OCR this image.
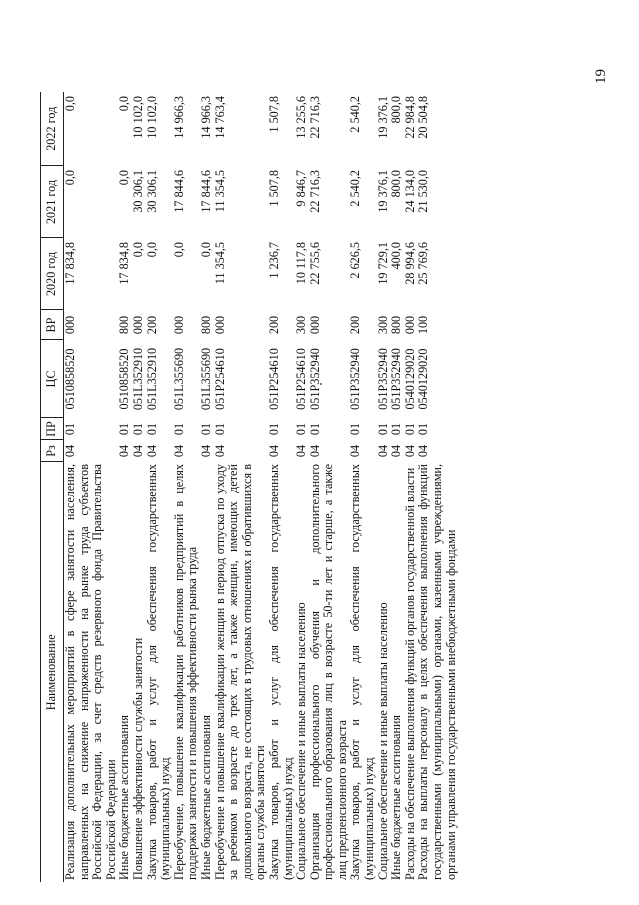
19
Наименование	Рз	ПР	ЦС	ВР	2020 год	2021 год	2022 год
Реализация дополнительных мероприятий в сфере занятости населения, направленных на снижение напряженности на рынке труда субъектов Российской Федерации, за счет средств резервного фонда Правительства Российской Федерации	04	01	0510858520	000	17 834,8	0,0	0,0
Иные бюджетные ассигнования	04	01	0510858520	800	17 834,8	0,0	0,0
Повышение эффективности службы занятости	04	01	051L352910	000	0,0	30 306,1	10 102,0
Закупка товаров, работ и услуг для обеспечения государственных (муниципальных) нужд	04	01	051L352910	200	0,0	30 306,1	10 102,0
Переобучение, повышение квалификации работников предприятий в целях поддержки занятости и повышения эффективности рынка труда	04	01	051L355690	000	0,0	17 844,6	14 966,3
Иные бюджетные ассигнования	04	01	051L355690	800	0,0	17 844,6	14 966,3
Переобучение и повышение квалификации женщин в период отпуска по уходу за ребенком в возрасте до трех лет, а также женщин, имеющих детей дошкольного возраста, не состоящих в трудовых отношениях и обратившихся в органы службы занятости	04	01	051P254610	000	11 354,5	11 354,5	14 763,4
Закупка товаров, работ и услуг для обеспечения государственных (муниципальных) нужд	04	01	051P254610	200	1 236,7	1 507,8	1 507,8
Социальное обеспечение и иные выплаты населению	04	01	051P254610	300	10 117,8	9 846,7	13 255,6
Организация профессионального обучения и дополнительного профессионального образования лиц в возрасте 50-ти лет и старше, а также лиц предпенсионного возраста	04	01	051P352940	000	22 755,6	22 716,3	22 716,3
Закупка товаров, работ и услуг для обеспечения государственных (муниципальных) нужд	04	01	051P352940	200	2 626,5	2 540,2	2 540,2
Социальное обеспечение и иные выплаты населению	04	01	051P352940	300	19 729,1	19 376,1	19 376,1
Иные бюджетные ассигнования	04	01	051P352940	800	400,0	800,0	800,0
Расходы на обеспечение выполнения функций органов государственной власти	04	01	0540129020	000	28 994,6	24 134,0	22 984,8
Расходы на выплаты персоналу в целях обеспечения выполнения функций государственными (муниципальными) органами, казенными учреждениями, органами управления государственными внебюджетными фондами	04	01	0540129020	100	25 769,6	21 530,0	20 504,8
